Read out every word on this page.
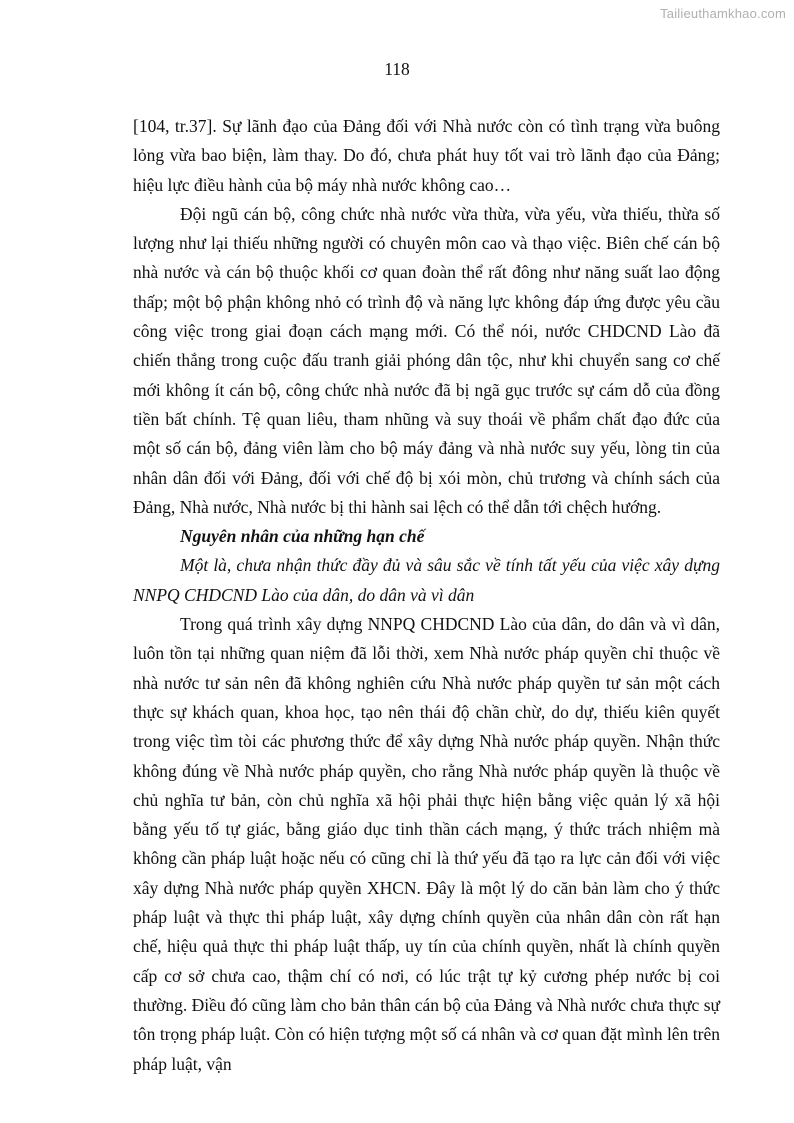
Tailieuthamkhao.com
118

[104, tr.37]. Sự lãnh đạo của Đảng đối với Nhà nước còn có tình trạng vừa buông lỏng vừa bao biện, làm thay. Do đó, chưa phát huy tốt vai trò lãnh đạo của Đảng; hiệu lực điều hành của bộ máy nhà nước không cao…

Đội ngũ cán bộ, công chức nhà nước vừa thừa, vừa yếu, vừa thiếu, thừa số lượng như lại thiếu những người có chuyên môn cao và thạo việc. Biên chế cán bộ nhà nước và cán bộ thuộc khối cơ quan đoàn thể rất đông như năng suất lao động thấp; một bộ phận không nhỏ có trình độ và năng lực không đáp ứng được yêu cầu công việc trong giai đoạn cách mạng mới. Có thể nói, nước CHDCND Lào đã chiến thắng trong cuộc đấu tranh giải phóng dân tộc, như khi chuyển sang cơ chế mới không ít cán bộ, công chức nhà nước đã bị ngã gục trước sự cám dỗ của đồng tiền bất chính. Tệ quan liêu, tham nhũng và suy thoái về phẩm chất đạo đức của một số cán bộ, đảng viên làm cho bộ máy đảng và nhà nước suy yếu, lòng tin của nhân dân đối với Đảng, đối với chế độ bị xói mòn, chủ trương và chính sách của Đảng, Nhà nước, Nhà nước bị thi hành sai lệch có thể dẫn tới chệch hướng.

Nguyên nhân của những hạn chế

Một là, chưa nhận thức đầy đủ và sâu sắc về tính tất yếu của việc xây dựng NNPQ CHDCND Lào của dân, do dân và vì dân

Trong quá trình xây dựng NNPQ CHDCND Lào của dân, do dân và vì dân, luôn tồn tại những quan niệm đã lỗi thời, xem Nhà nước pháp quyền chỉ thuộc về nhà nước tư sản nên đã không nghiên cứu Nhà nước pháp quyền tư sản một cách thực sự khách quan, khoa học, tạo nên thái độ chần chừ, do dự, thiếu kiên quyết trong việc tìm tòi các phương thức để xây dựng Nhà nước pháp quyền. Nhận thức không đúng về Nhà nước pháp quyền, cho rằng Nhà nước pháp quyền là thuộc về chủ nghĩa tư bản, còn chủ nghĩa xã hội phải thực hiện bằng việc quản lý xã hội bằng yếu tố tự giác, bằng giáo dục tinh thần cách mạng, ý thức trách nhiệm mà không cần pháp luật hoặc nếu có cũng chỉ là thứ yếu đã tạo ra lực cản đối với việc xây dựng Nhà nước pháp quyền XHCN. Đây là một lý do căn bản làm cho ý thức pháp luật và thực thi pháp luật, xây dựng chính quyền của nhân dân còn rất hạn chế, hiệu quả thực thi pháp luật thấp, uy tín của chính quyền, nhất là chính quyền cấp cơ sở chưa cao, thậm chí có nơi, có lúc trật tự kỷ cương phép nước bị coi thường. Điều đó cũng làm cho bản thân cán bộ của Đảng và Nhà nước chưa thực sự tôn trọng pháp luật. Còn có hiện tượng một số cá nhân và cơ quan đặt mình lên trên pháp luật, vận
